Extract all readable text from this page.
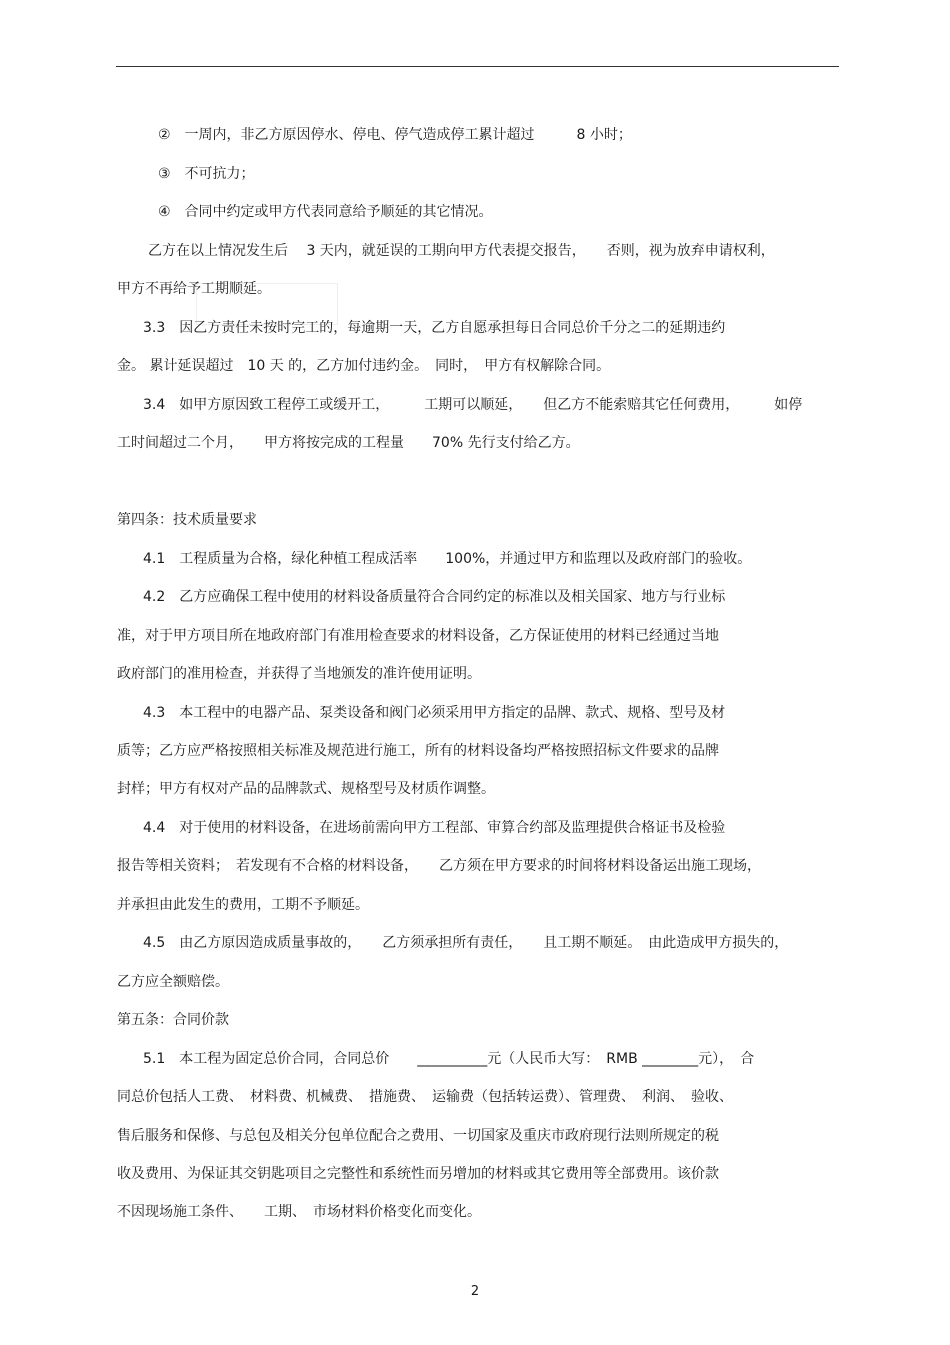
②　一周内，非乙方原因停水、停电、停气造成停工累计超过　　　8 小时；
③　不可抗力；
④　合同中约定或甲方代表同意给予顺延的其它情况。
乙方在以上情况发生后　 3 天内，就延误的工期向甲方代表提交报告，　　否则，视为放弃申请权利，
甲方不再给予工期顺延。
3.3　因乙方责任未按时完工的，每逾期一天，乙方自愿承担每日合同总价千分之二的延期违约
金。 累计延误超过　10 天 的，乙方加付违约金。　同时，　甲方有权解除合同。
3.4　如甲方原因致工程停工或缓开工，　　　工期可以顺延，　　但乙方不能索赔其它任何费用，　　　如停
工时间超过二个月，　　甲方将按完成的工程量　　70% 先行支付给乙方。
第四条：技术质量要求
4.1　工程质量为合格，绿化种植工程成活率　　100%，并通过甲方和监理以及政府部门的验收。
4.2　乙方应确保工程中使用的材料设备质量符合合同约定的标准以及相关国家、地方与行业标
准，对于甲方项目所在地政府部门有准用检查要求的材料设备，乙方保证使用的材料已经通过当地
政府部门的准用检查，并获得了当地颁发的准许使用证明。
4.3　本工程中的电器产品、泵类设备和阀门必须采用甲方指定的品牌、款式、规格、型号及材
质等；乙方应严格按照相关标准及规范进行施工，所有的材料设备均严格按照招标文件要求的品牌
封样；甲方有权对产品的品牌款式、规格型号及材质作调整。
4.4　对于使用的材料设备，在进场前需向甲方工程部、审算合约部及监理提供合格证书及检验
报告等相关资料；　若发现有不合格的材料设备，　　乙方须在甲方要求的时间将材料设备运出施工现场，
并承担由此发生的费用，工期不予顺延。
4.5　由乙方原因造成质量事故的，　　乙方须承担所有责任，　　且工期不顺延。　由此造成甲方损失的，
乙方应全额赔偿。
第五条：合同价款
5.1　本工程为固定总价合同，合同总价　　__________元（人民币大写：　RMB ________元），　合
同总价包括人工费、　材料费、机械费、　措施费、　运输费（包括转运费）、管理费、　利润、　验收、
售后服务和保修、与总包及相关分包单位配合之费用、一切国家及重庆市政府现行法则所规定的税
收及费用、为保证其交钥匙项目之完整性和系统性而另增加的材料或其它费用等全部费用。该价款
不因现场施工条件、　　工期、　市场材料价格变化而变化。
2
